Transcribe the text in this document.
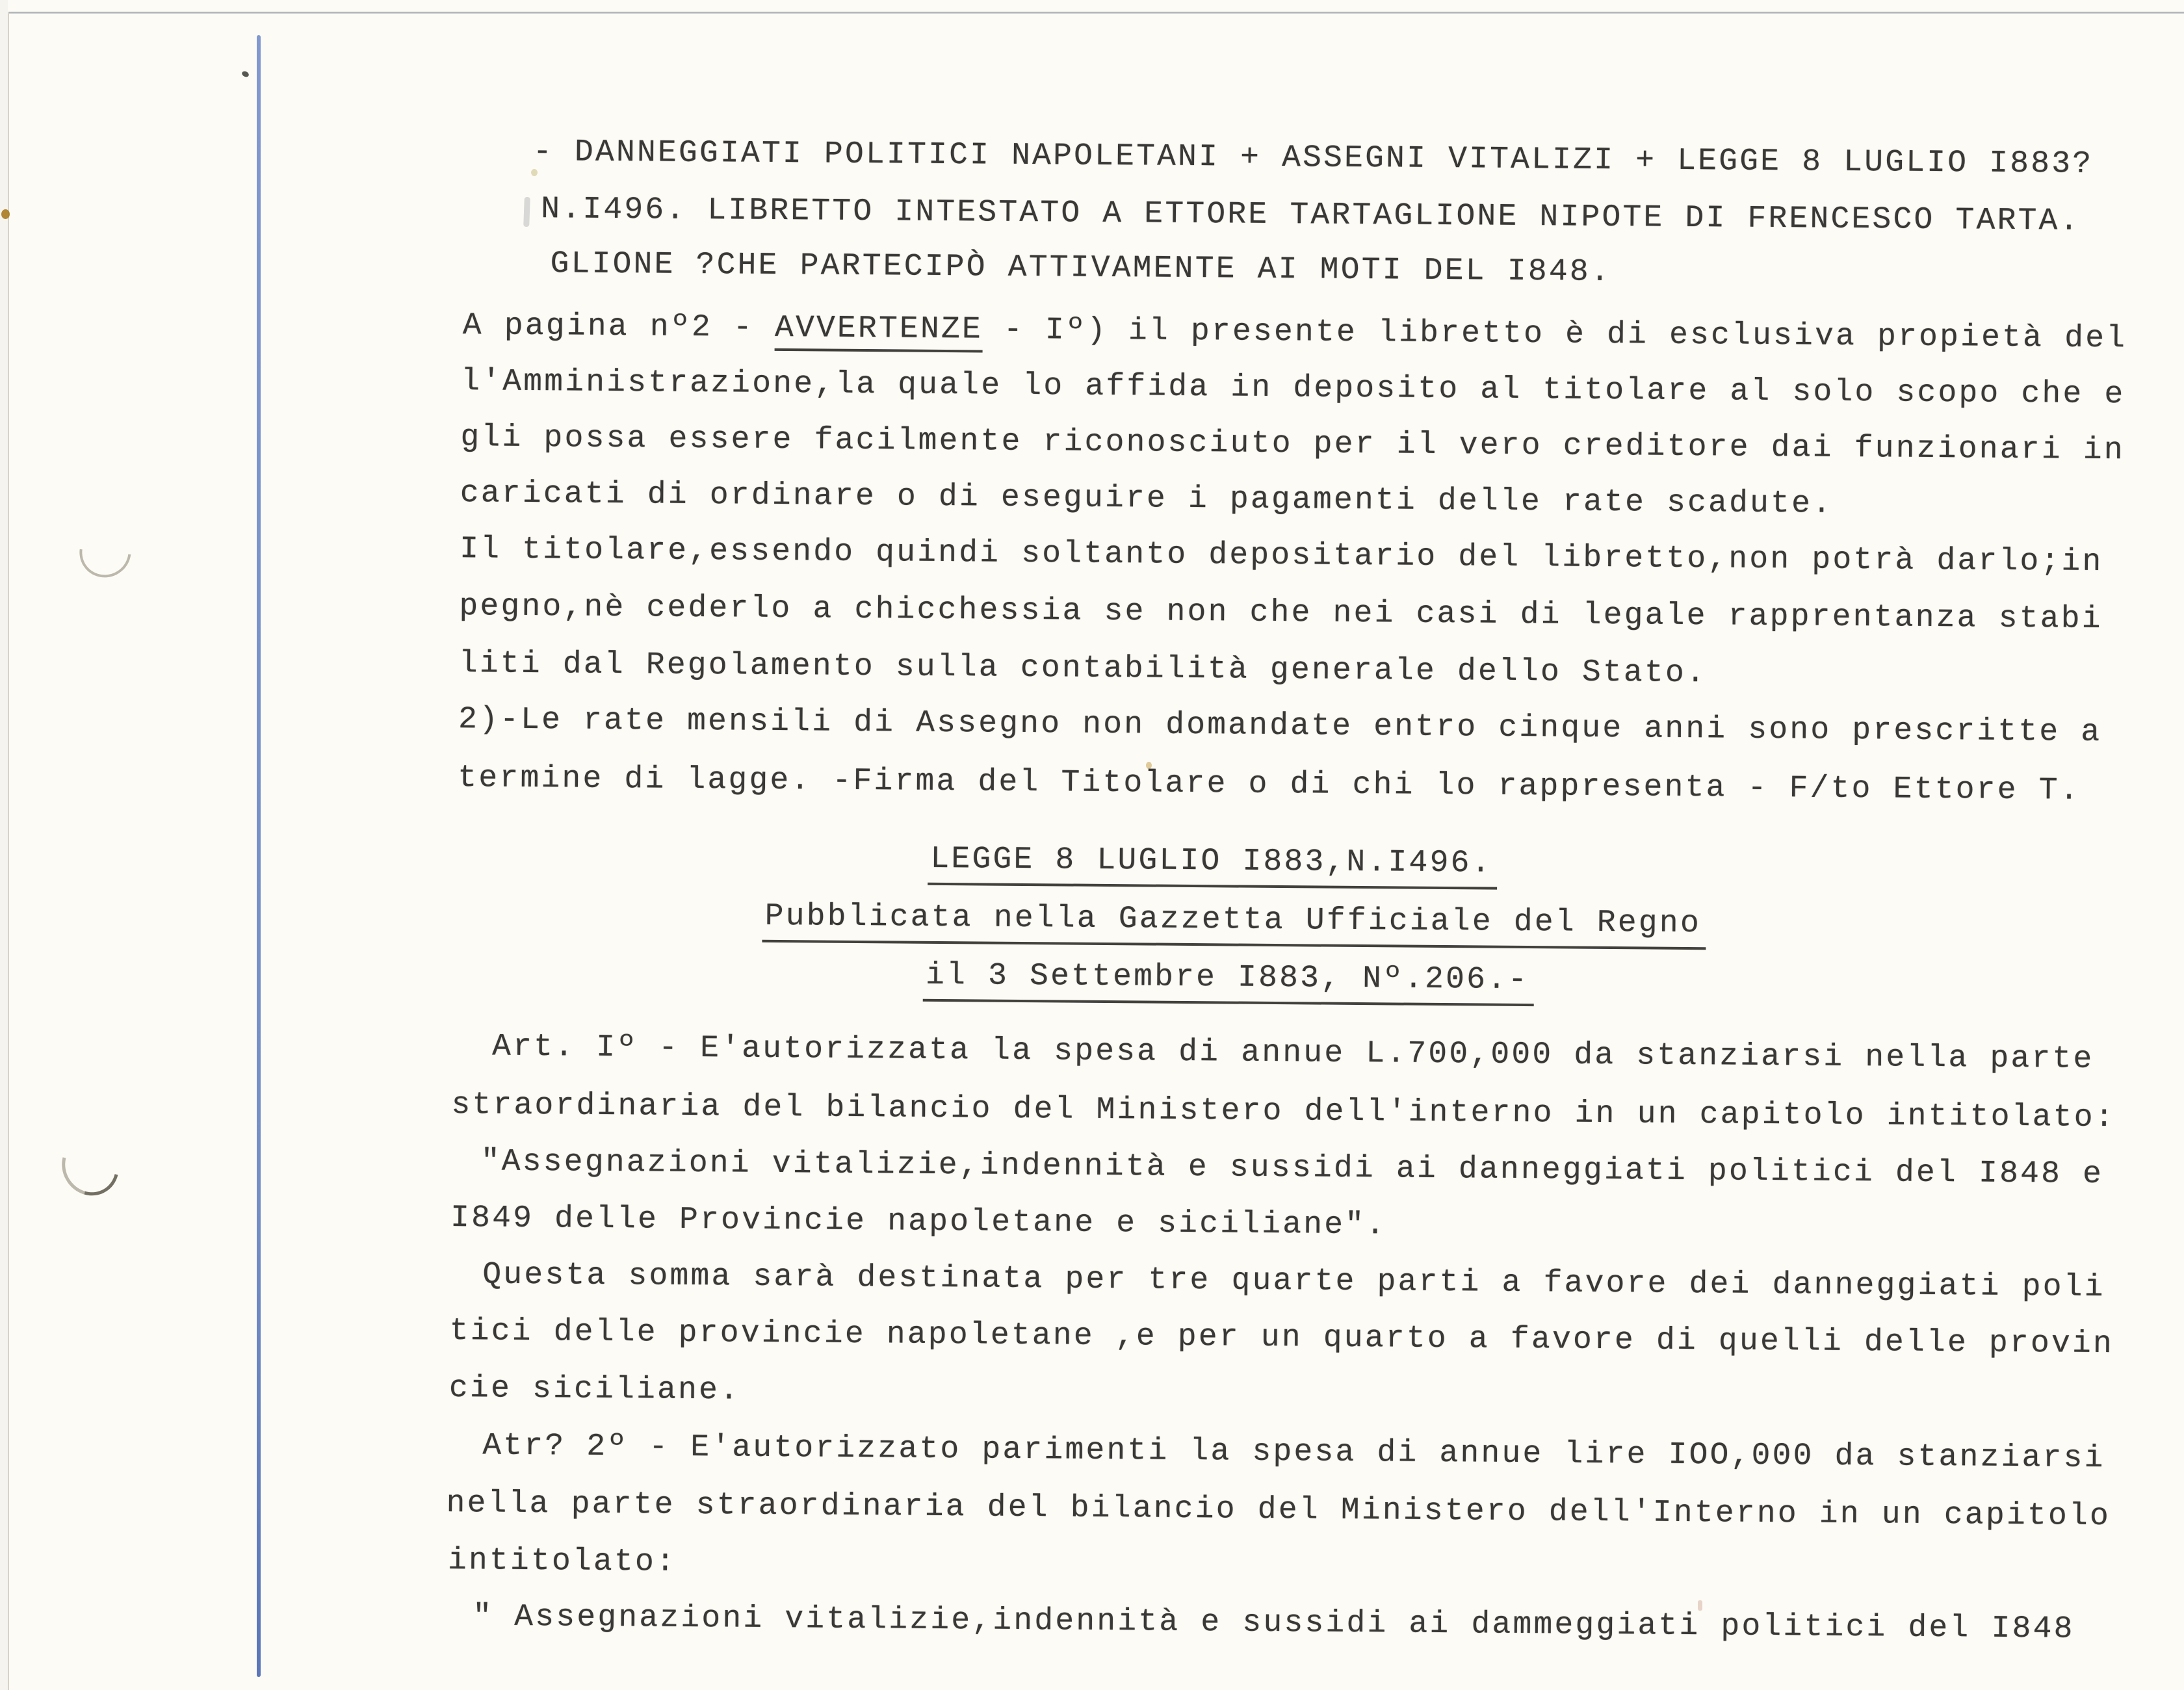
- DANNEGGIATI POLITICI NAPOLETANI + ASSEGNI VITALIZI + LEGGE 8 LUGLIO I883?
N.I496. LIBRETTO INTESTATO A ETTORE TARTAGLIONE NIPOTE DI FRENCESCO TARTA.
GLIONE ?CHE PARTECIPÒ ATTIVAMENTE AI MOTI DEL I848.
A pagina nº2 - AVVERTENZE - Iº) il presente libretto è di esclusiva propietà del
l'Amministrazione,la quale lo affida in deposito al titolare al solo scopo che e
gli possa essere facilmente riconosciuto per il vero creditore dai funzionari in
caricati di ordinare o di eseguire i pagamenti delle rate scadute.
Il titolare,essendo quindi soltanto depositario del libretto,non potrà darlo;in
pegno,nè cederlo a chicchessia se non che nei casi di legale rapprentanza stabi
liti dal Regolamento sulla contabilità generale dello Stato.
2)-Le rate mensili di Assegno non domandate entro cinque anni sono prescritte a
termine di lagge. -Firma del Titolare o di chi lo rappresenta - F/to Ettore T.
LEGGE 8 LUGLIO I883,N.I496.
Pubblicata nella Gazzetta Ufficiale del Regno
il 3 Settembre I883, Nº.206.-
Art. Iº - E'autorizzata la spesa di annue L.700,000 da stanziarsi nella parte
straordinaria del bilancio del Ministero dell'interno in un capitolo intitolato:
"Assegnazioni vitalizie,indennità e sussidi ai danneggiati politici del I848 e
I849 delle Provincie napoletane e siciliane".
Questa somma sarà destinata per tre quarte parti a favore dei danneggiati poli
tici delle provincie napoletane ,e per un quarto a favore di quelli delle provin
cie siciliane.
Atr? 2º - E'autorizzato parimenti la spesa di annue lire IOO,000 da stanziarsi
nella parte straordinaria del bilancio del Ministero dell'Interno in un capitolo
intitolato:
" Assegnazioni vitalizie,indennità e sussidi ai dammeggiati politici del I848
